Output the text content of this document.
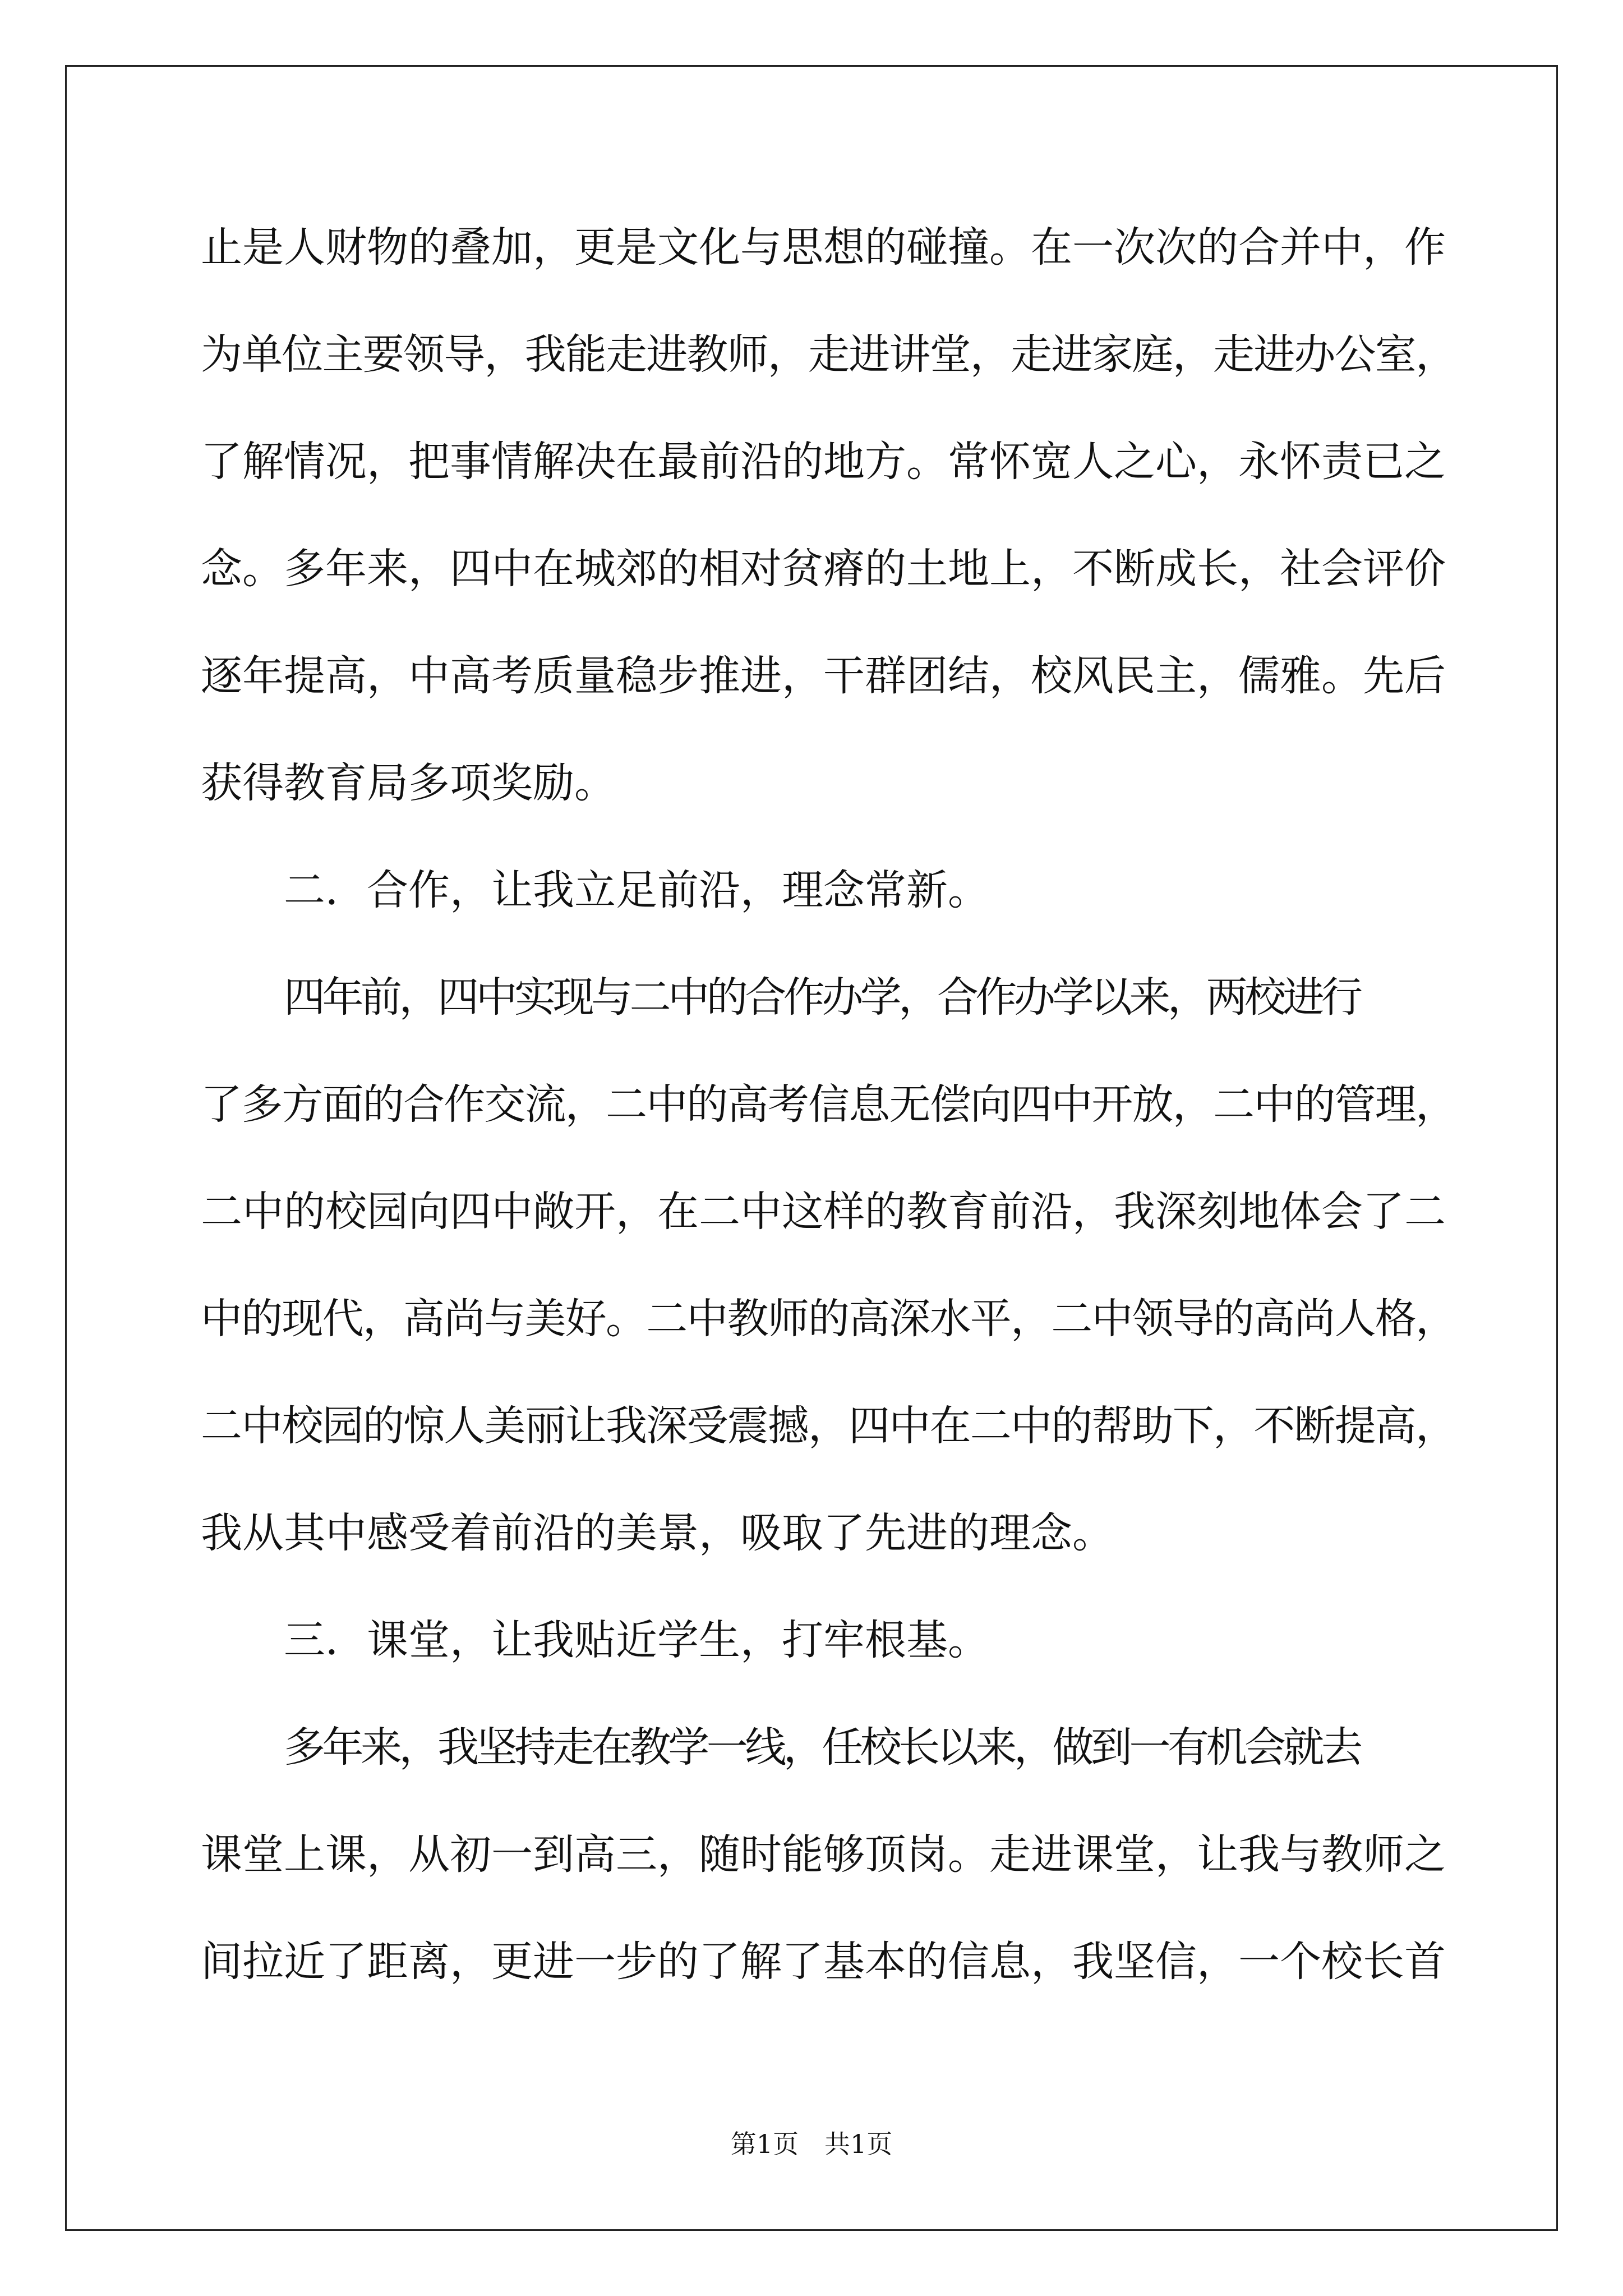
止是人财物的叠加，更是文化与思想的碰撞。在一次次的合并中，作
为单位主要领导，我能走进教师，走进讲堂，走进家庭，走进办公室，
了解情况，把事情解决在最前沿的地方。常怀宽人之心，永怀责已之
念。多年来，四中在城郊的相对贫瘠的土地上，不断成长，社会评价
逐年提高，中高考质量稳步推进，干群团结，校风民主，儒雅。先后
获得教育局多项奖励。
二．合作，让我立足前沿，理念常新。
四年前，四中实现与二中的合作办学，合作办学以来，两校进行
了多方面的合作交流，二中的高考信息无偿向四中开放，二中的管理，
二中的校园向四中敞开，在二中这样的教育前沿，我深刻地体会了二
中的现代，高尚与美好。二中教师的高深水平，二中领导的高尚人格，
二中校园的惊人美丽让我深受震撼，四中在二中的帮助下，不断提高，
我从其中感受着前沿的美景，吸取了先进的理念。
三．课堂，让我贴近学生，打牢根基。
多年来，我坚持走在教学一线，任校长以来，做到一有机会就去
课堂上课，从初一到高三，随时能够顶岗。走进课堂，让我与教师之
间拉近了距离，更进一步的了解了基本的信息，我坚信，一个校长首
第1页　共1页
